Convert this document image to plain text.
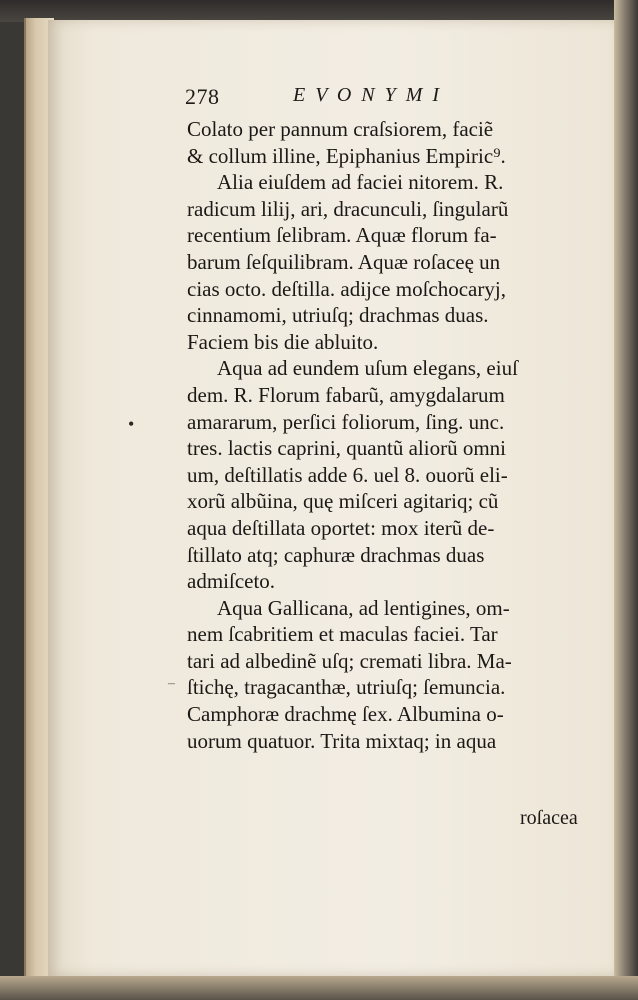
278	EVONYMI
Colato per pannum craſsiorem, faciẽ
& collum illine, Epiphanius Empiric⁹.
Alia eiuſdem ad faciei nitorem. R.
radicum lilij, ari, dracunculi, ſingularũ
recentium ſelibram. Aquæ florum fa-
barum ſeſquilibram. Aquæ roſaceę un
cias octo. deſtilla. adijce moſchocaryj,
cinnamomi, utriuſq; drachmas duas.
Faciem bis die abluito.
Aqua ad eundem uſum elegans, eiuſ
dem. R. Florum fabarũ, amygdalarum
amararum, perſici foliorum, ſing. unc.
tres. lactis caprini, quantũ aliorũ omni
um, deſtillatis adde 6. uel 8. ouorũ eli-
xorũ albũina, quę miſceri agitariq; cũ
aqua deſtillata oportet: mox iterũ de-
ſtillato atq; caphuræ drachmas duas
admiſceto.
Aqua Gallicana, ad lentigines, om-
nem ſcabritiem et maculas faciei. Tar
tari ad albedinẽ uſq; cremati libra. Ma-
ſtichę, tragacanthæ, utriuſq; ſemuncia.
Camphoræ drachmę ſex. Albumina o-
uorum quatuor. Trita mixtaq; in aqua
roſacea
•
–
